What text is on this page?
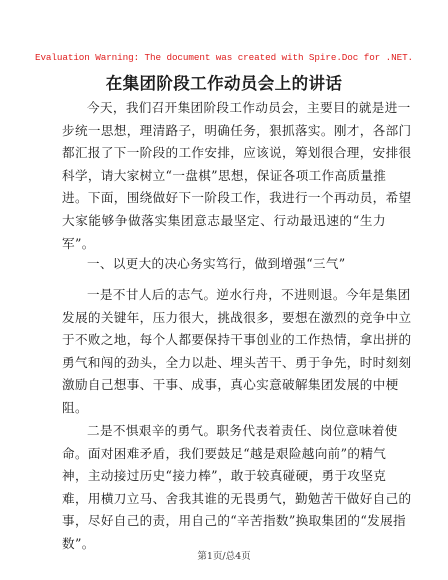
Evaluation Warning: The document was created with Spire.Doc for .NET.
在集团阶段工作动员会上的讲话
今天，我们召开集团阶段工作动员会，主要目的就是进一
步统一思想，理清路子，明确任务，狠抓落实。刚才，各部门
都汇报了下一阶段的工作安排，应该说，筹划很合理，安排很
科学，请大家树立“一盘棋”思想，保证各项工作高质量推
进。下面，围绕做好下一阶段工作，我进行一个再动员，希望
大家能够争做落实集团意志最坚定、行动最迅速的“生力
军”。
一、以更大的决心务实笃行，做到增强“三气”
一是不甘人后的志气。逆水行舟，不进则退。今年是集团
发展的关键年，压力很大，挑战很多，要想在激烈的竞争中立
于不败之地，每个人都要保持干事创业的工作热情，拿出拼的
勇气和闯的劲头，全力以赴、埋头苦干、勇于争先，时时刻刻
激励自己想事、干事、成事，真心实意破解集团发展的中梗
阻。
二是不惧艰辛的勇气。职务代表着责任、岗位意味着使
命。面对困难矛盾，我们要鼓足“越是艰险越向前”的精气
神，主动接过历史“接力棒”，敢于较真碰硬，勇于攻坚克
难，用横刀立马、舍我其谁的无畏勇气，勤勉苦干做好自己的
事，尽好自己的责，用自己的“辛苦指数”换取集团的“发展指
数”。
第1页/总4页
